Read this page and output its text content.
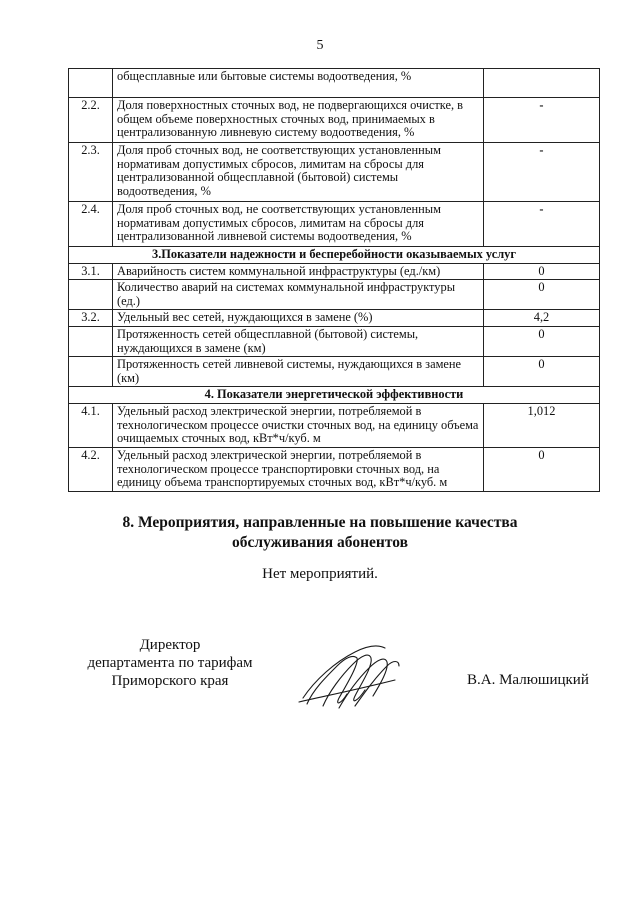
5
	общесплавные или бытовые системы водоотведения, %	
2.2.	Доля поверхностных сточных вод, не подвергающихся очистке, в общем объеме поверхностных сточных вод, принимаемых в централизованную ливневую систему водоотведения, %	-
2.3.	Доля проб сточных вод, не соответствующих установленным нормативам допустимых сбросов, лимитам на сбросы для централизованной общесплавной (бытовой) системы водоотведения, %	-
2.4.	Доля проб сточных вод, не соответствующих установленным нормативам допустимых сбросов, лимитам на сбросы для централизованной ливневой системы водоотведения, %	-
3.Показатели надежности и бесперебойности оказываемых услуг		
3.1.	Аварийность систем коммунальной инфраструктуры (ед./км)	0
	Количество аварий на системах коммунальной инфраструктуры (ед.)	0
3.2.	Удельный вес сетей, нуждающихся в замене (%)	4,2
	Протяженность сетей общесплавной (бытовой) системы, нуждающихся в замене (км)	0
	Протяженность сетей ливневой системы, нуждающихся в замене (км)	0
4. Показатели энергетической эффективности		
4.1.	Удельный расход электрической энергии, потребляемой в технологическом процессе очистки сточных вод, на единицу объема очищаемых сточных вод, кВт*ч/куб. м	1,012
4.2.	Удельный расход электрической энергии, потребляемой в технологическом процессе транспортировки сточных вод, на единицу объема транспортируемых сточных вод, кВт*ч/куб. м	0
8. Мероприятия, направленные на повышение качества
обслуживания абонентов
Нет мероприятий.
Директор
департамента по тарифам
Приморского края	В.А. Малюшицкий
